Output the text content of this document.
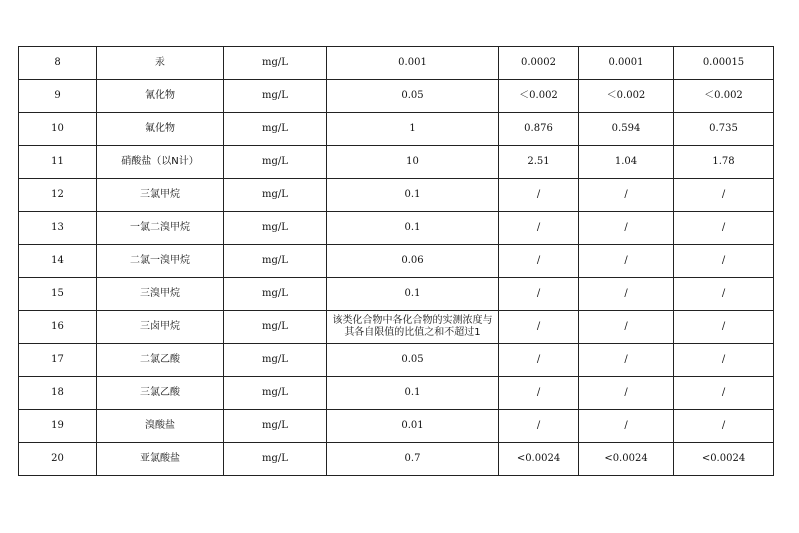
8	汞	mg/L	0.001	0.0002	0.0001	0.00015
9	氰化物	mg/L	0.05	＜0.002	＜0.002	＜0.002
10	氟化物	mg/L	1	0.876	0.594	0.735
11	硝酸盐（以N计）	mg/L	10	2.51	1.04	1.78
12	三氯甲烷	mg/L	0.1	/	/	/
13	一氯二溴甲烷	mg/L	0.1	/	/	/
14	二氯一溴甲烷	mg/L	0.06	/	/	/
15	三溴甲烷	mg/L	0.1	/	/	/
16	三卤甲烷	mg/L	该类化合物中各化合物的实测浓度与其各自限值的比值之和不超过1	/	/	/
17	二氯乙酸	mg/L	0.05	/	/	/
18	三氯乙酸	mg/L	0.1	/	/	/
19	溴酸盐	mg/L	0.01	/	/	/
20	亚氯酸盐	mg/L	0.7	<0.0024	<0.0024	<0.0024
